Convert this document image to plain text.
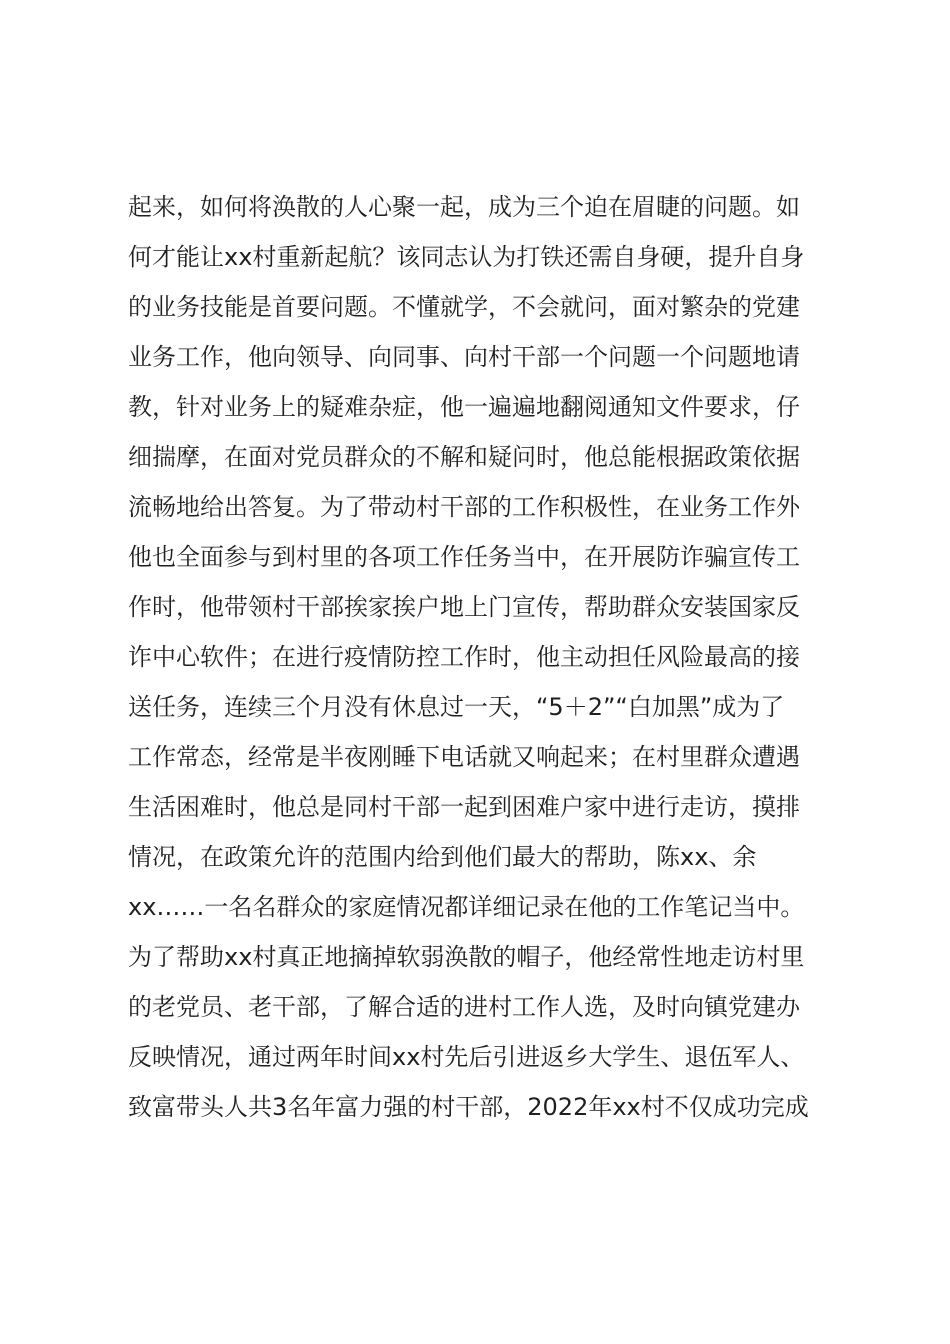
起来，如何将涣散的人心聚一起，成为三个迫在眉睫的问题。如
何才能让xx村重新起航？该同志认为打铁还需自身硬，提升自身
的业务技能是首要问题。不懂就学，不会就问，面对繁杂的党建
业务工作，他向领导、向同事、向村干部一个问题一个问题地请
教，针对业务上的疑难杂症，他一遍遍地翻阅通知文件要求，仔
细揣摩，在面对党员群众的不解和疑问时，他总能根据政策依据
流畅地给出答复。为了带动村干部的工作积极性，在业务工作外
他也全面参与到村里的各项工作任务当中，在开展防诈骗宣传工
作时，他带领村干部挨家挨户地上门宣传，帮助群众安装国家反
诈中心软件；在进行疫情防控工作时，他主动担任风险最高的接
送任务，连续三个月没有休息过一天，“5＋2”“白加黑”成为了
工作常态，经常是半夜刚睡下电话就又响起来；在村里群众遭遇
生活困难时，他总是同村干部一起到困难户家中进行走访，摸排
情况，在政策允许的范围内给到他们最大的帮助，陈xx、余
xx……一名名群众的家庭情况都详细记录在他的工作笔记当中。
为了帮助xx村真正地摘掉软弱涣散的帽子，他经常性地走访村里
的老党员、老干部，了解合适的进村工作人选，及时向镇党建办
反映情况，通过两年时间xx村先后引进返乡大学生、退伍军人、
致富带头人共3名年富力强的村干部，2022年xx村不仅成功完成
